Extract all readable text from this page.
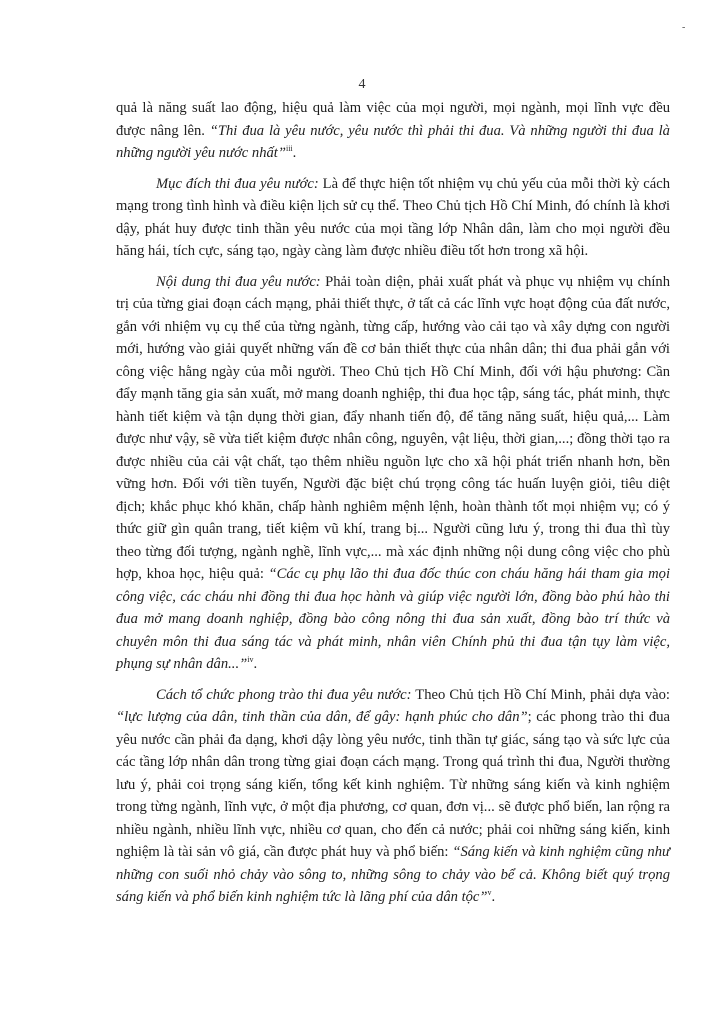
-
4

quả là năng suất lao động, hiệu quả làm việc của mọi người, mọi ngành, mọi lĩnh vực đều được nâng lên. “Thi đua là yêu nước, yêu nước thì phải thi đua. Và những người thi đua là những người yêu nước nhất”$^{iii}$.

Mục đích thi đua yêu nước: Là để thực hiện tốt nhiệm vụ chủ yếu của mỗi thời kỳ cách mạng trong tình hình và điều kiện lịch sử cụ thể. Theo Chủ tịch Hồ Chí Minh, đó chính là khơi dậy, phát huy được tinh thần yêu nước của mọi tầng lớp Nhân dân, làm cho mọi người đều hăng hái, tích cực, sáng tạo, ngày càng làm được nhiều điều tốt hơn trong xã hội.

Nội dung thi đua yêu nước: Phải toàn diện, phải xuất phát và phục vụ nhiệm vụ chính trị của từng giai đoạn cách mạng, phải thiết thực, ở tất cả các lĩnh vực hoạt động của đất nước, gắn với nhiệm vụ cụ thể của từng ngành, từng cấp, hướng vào cải tạo và xây dựng con người mới, hướng vào giải quyết những vấn đề cơ bản thiết thực của nhân dân; thi đua phải gắn với công việc hằng ngày của mỗi người. Theo Chủ tịch Hồ Chí Minh, đối với hậu phương: Cần đẩy mạnh tăng gia sản xuất, mở mang doanh nghiệp, thi đua học tập, sáng tác, phát minh, thực hành tiết kiệm và tận dụng thời gian, đẩy nhanh tiến độ, để tăng năng suất, hiệu quả,... Làm được như vậy, sẽ vừa tiết kiệm được nhân công, nguyên, vật liệu, thời gian,...; đồng thời tạo ra được nhiều của cải vật chất, tạo thêm nhiều nguồn lực cho xã hội phát triển nhanh hơn, bền vững hơn. Đối với tiền tuyến, Người đặc biệt chú trọng công tác huấn luyện giỏi, tiêu diệt địch; khắc phục khó khăn, chấp hành nghiêm mệnh lệnh, hoàn thành tốt mọi nhiệm vụ; có ý thức giữ gìn quân trang, tiết kiệm vũ khí, trang bị... Người cũng lưu ý, trong thi đua thì tùy theo từng đối tượng, ngành nghề, lĩnh vực,... mà xác định những nội dung công việc cho phù hợp, khoa học, hiệu quả: “Các cụ phụ lão thi đua đốc thúc con cháu hăng hái tham gia mọi công việc, các cháu nhi đồng thi đua học hành và giúp việc người lớn, đồng bào phú hào thi đua mở mang doanh nghiệp, đồng bào công nông thi đua sản xuất, đồng bào trí thức và chuyên môn thi đua sáng tác và phát minh, nhân viên Chính phủ thi đua tận tụy làm việc, phụng sự nhân dân...”$^{iv}$.

Cách tổ chức phong trào thi đua yêu nước: Theo Chủ tịch Hồ Chí Minh, phải dựa vào: “lực lượng của dân, tinh thần của dân, để gây: hạnh phúc cho dân”; các phong trào thi đua yêu nước cần phải đa dạng, khơi dậy lòng yêu nước, tinh thần tự giác, sáng tạo và sức lực của các tầng lớp nhân dân trong từng giai đoạn cách mạng. Trong quá trình thi đua, Người thường lưu ý, phải coi trọng sáng kiến, tổng kết kinh nghiệm. Từ những sáng kiến và kinh nghiệm trong từng ngành, lĩnh vực, ở một địa phương, cơ quan, đơn vị... sẽ được phổ biến, lan rộng ra nhiều ngành, nhiều lĩnh vực, nhiều cơ quan, cho đến cả nước; phải coi những sáng kiến, kinh nghiệm là tài sản vô giá, cần được phát huy và phổ biến: “Sáng kiến và kinh nghiệm cũng như những con suối nhỏ chảy vào sông to, những sông to chảy vào bể cả. Không biết quý trọng sáng kiến và phổ biến kinh nghiệm tức là lãng phí của dân tộc”$^v$.
